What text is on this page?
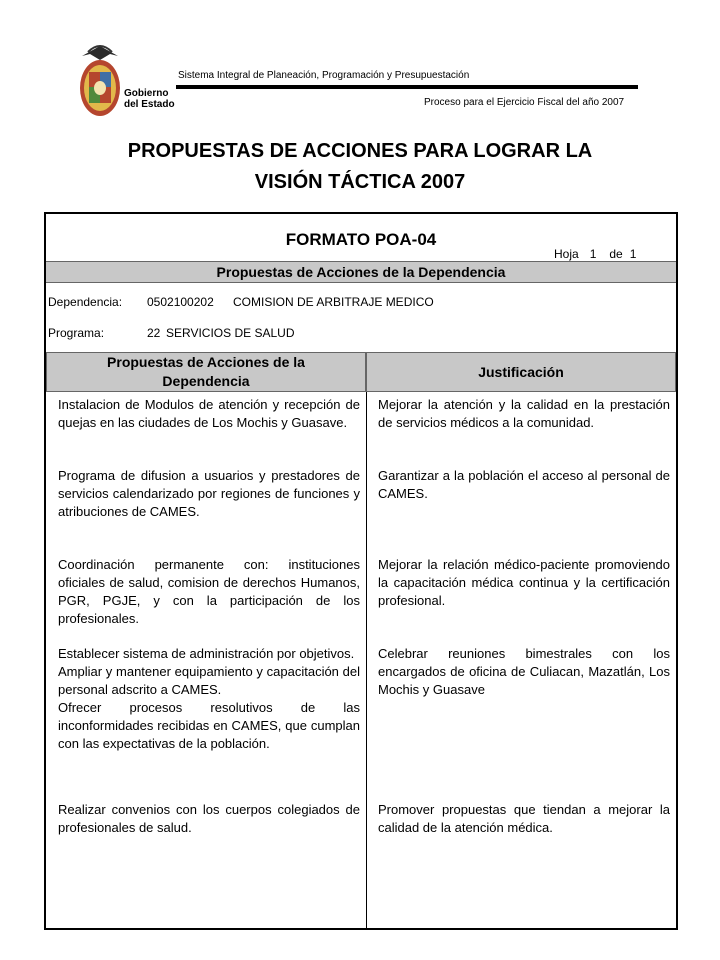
Gobierno
del Estado
Sistema Integral de Planeación, Programación y Presupuestación
Proceso para el Ejercicio Fiscal del año 2007
PROPUESTAS DE ACCIONES PARA LOGRAR LA
VISIÓN TÁCTICA 2007
FORMATO POA-04
Hoja 1 de 1
Propuestas de Acciones de la Dependencia
Dependencia: 0502100202 COMISION DE ARBITRAJE MEDICO
Programa:	22 SERVICIOS DE SALUD
Propuestas de Acciones de la Dependencia
Justificación

Instalacion de Modulos de atención y recepción de quejas en las ciudades de Los Mochis y Guasave.

Mejorar la atención y la calidad en la prestación de servicios médicos a la comunidad.

Programa de difusion a usuarios y prestadores de servicios calendarizado por regiones de funciones y atribuciones de CAMES.

Garantizar a la población el acceso al personal de CAMES.

Coordinación permanente con: instituciones oficiales de salud, comision de derechos Humanos, PGR, PGJE, y con la participación de los profesionales.

Mejorar la relación médico-paciente promoviendo la capacitación médica continua y la certificación profesional.

Establecer sistema de administración por objetivos.

Ampliar y mantener equipamiento y capacitación del personal adscrito a CAMES.

Ofrecer procesos resolutivos de las inconformidades recibidas en CAMES, que cumplan con las expectativas de la población.

Celebrar reuniones bimestrales con los encargados de oficina de Culiacan, Mazatlán, Los Mochis y Guasave

Realizar convenios con los cuerpos colegiados de profesionales de salud.

Promover propuestas que tiendan a mejorar la calidad de la atención médica.
